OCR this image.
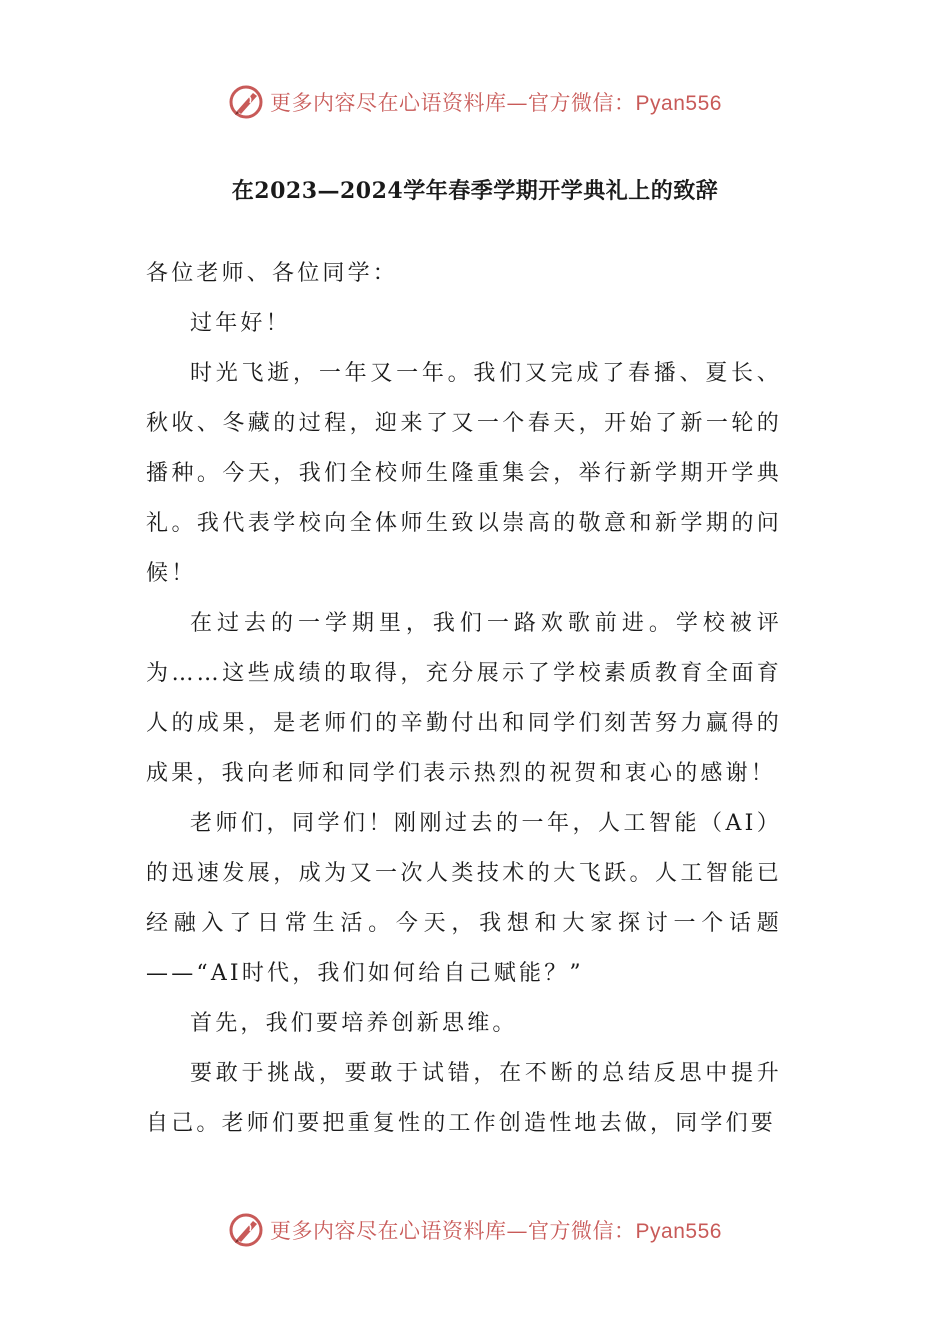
更多内容尽在心语资料库—官方微信：Pyan556
在2023—2024学年春季学期开学典礼上的致辞

各位老师、各位同学：

过年好！

时光飞逝，一年又一年。我们又完成了春播、夏长、秋收、冬藏的过程，迎来了又一个春天，开始了新一轮的播种。今天，我们全校师生隆重集会，举行新学期开学典礼。我代表学校向全体师生致以崇高的敬意和新学期的问候！

在过去的一学期里，我们一路欢歌前进。学校被评为……这些成绩的取得，充分展示了学校素质教育全面育人的成果，是老师们的辛勤付出和同学们刻苦努力赢得的成果，我向老师和同学们表示热烈的祝贺和衷心的感谢！

老师们，同学们！刚刚过去的一年，人工智能（AI）的迅速发展，成为又一次人类技术的大飞跃。人工智能已经融入了日常生活。今天，我想和大家探讨一个话题——“AI时代，我们如何给自己赋能？”

首先，我们要培养创新思维。

要敢于挑战，要敢于试错，在不断的总结反思中提升自己。老师们要把重复性的工作创造性地去做，同学们要

更多内容尽在心语资料库—官方微信：Pyan556
